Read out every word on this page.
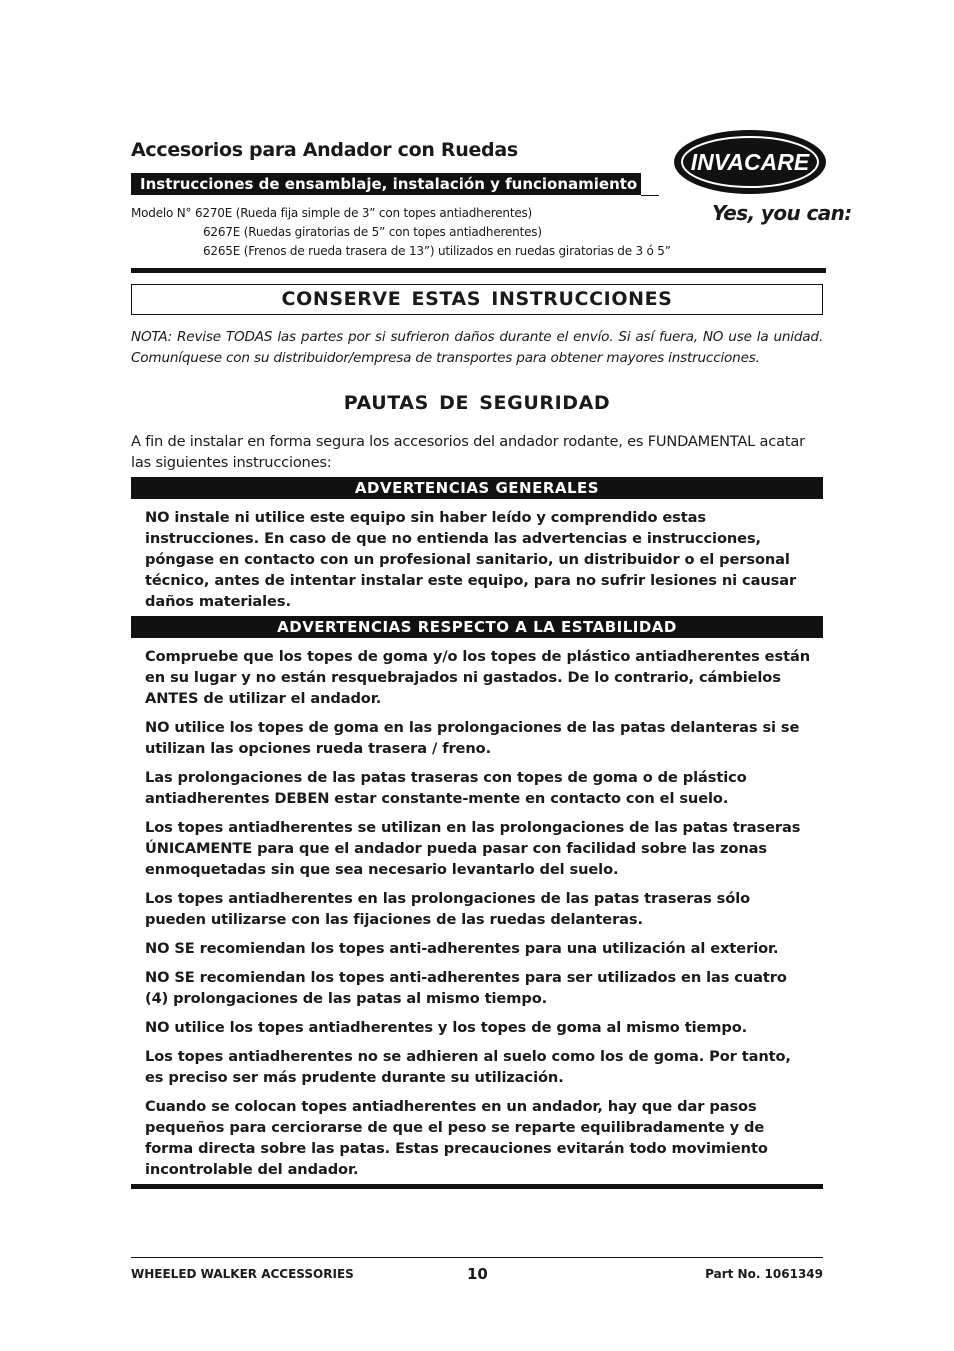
Accesorios para Andador con Ruedas
Instrucciones de ensamblaje, instalación y funcionamiento
Modelo N° 6270E (Rueda fija simple de 3” con topes antiadherentes)
6267E (Ruedas giratorias de 5” con topes antiadherentes)
6265E (Frenos de rueda trasera de 13”) utilizados en ruedas giratorias de 3 ó 5”
INVACARE
Yes, you can:
CONSERVE ESTAS INSTRUCCIONES
NOTA: Revise TODAS las partes por si sufrieron daños durante el envío. Si así fuera, NO use la unidad. Comuníquese con su distribuidor/empresa de transportes para obtener mayores instrucciones.
PAUTAS DE SEGURIDAD
A fin de instalar en forma segura los accesorios del andador rodante, es FUNDAMENTAL acatar las siguientes instrucciones:
ADVERTENCIAS GENERALES
NO instale ni utilice este equipo sin haber leído y comprendido estas instrucciones. En caso de que no entienda las advertencias e instrucciones, póngase en contacto con un profesional sanitario, un distribuidor o el personal técnico, antes de intentar instalar este equipo, para no sufrir lesiones ni causar daños materiales.
ADVERTENCIAS RESPECTO A LA ESTABILIDAD

Compruebe que los topes de goma y/o los topes de plástico antiadherentes están en su lugar y no están resquebrajados ni gastados. De lo contrario, cámbielos ANTES de utilizar el andador.

NO utilice los topes de goma en las prolongaciones de las patas delanteras si se utilizan las opciones rueda trasera / freno.

Las prolongaciones de las patas traseras con topes de goma o de plástico antiadherentes DEBEN estar constante-mente en contacto con el suelo.

Los topes antiadherentes se utilizan en las prolongaciones de las patas traseras ÚNICAMENTE para que el andador pueda pasar con facilidad sobre las zonas enmoquetadas sin que sea necesario levantarlo del suelo.

Los topes antiadherentes en las prolongaciones de las patas traseras sólo pueden utilizarse con las fijaciones de las ruedas delanteras.

NO SE recomiendan los topes anti-adherentes para una utilización al exterior.

NO SE recomiendan los topes anti-adherentes para ser utilizados en las cuatro (4) prolongaciones de las patas al mismo tiempo.

NO utilice los topes antiadherentes y los topes de goma al mismo tiempo.

Los topes antiadherentes no se adhieren al suelo como los de goma. Por tanto, es preciso ser más prudente durante su utilización.

Cuando se colocan topes antiadherentes en un andador, hay que dar pasos pequeños para cerciorarse de que el peso se reparte equilibradamente y de forma directa sobre las patas. Estas precauciones evitarán todo movimiento incontrolable del andador.

WHEELED WALKER ACCESSORIES	10	Part No. 1061349
